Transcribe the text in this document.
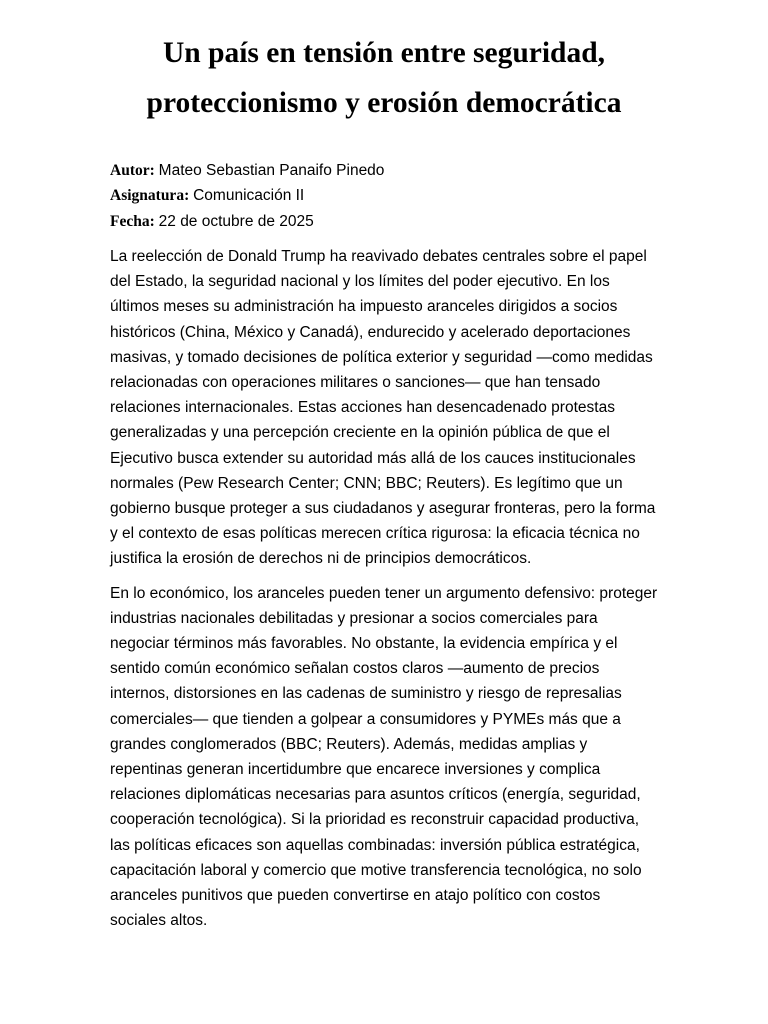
Un país en tensión entre seguridad,
proteccionismo y erosión democrática
Autor: Mateo Sebastian Panaifo Pinedo
Asignatura: Comunicación II
Fecha: 22 de octubre de 2025

La reelección de Donald Trump ha reavivado debates centrales sobre el papel
del Estado, la seguridad nacional y los límites del poder ejecutivo. En los
últimos meses su administración ha impuesto aranceles dirigidos a socios
históricos (China, México y Canadá), endurecido y acelerado deportaciones
masivas, y tomado decisiones de política exterior y seguridad —como medidas
relacionadas con operaciones militares o sanciones— que han tensado
relaciones internacionales. Estas acciones han desencadenado protestas
generalizadas y una percepción creciente en la opinión pública de que el
Ejecutivo busca extender su autoridad más allá de los cauces institucionales
normales (Pew Research Center; CNN; BBC; Reuters). Es legítimo que un
gobierno busque proteger a sus ciudadanos y asegurar fronteras, pero la forma
y el contexto de esas políticas merecen crítica rigurosa: la eficacia técnica no
justifica la erosión de derechos ni de principios democráticos.

En lo económico, los aranceles pueden tener un argumento defensivo: proteger
industrias nacionales debilitadas y presionar a socios comerciales para
negociar términos más favorables. No obstante, la evidencia empírica y el
sentido común económico señalan costos claros —aumento de precios
internos, distorsiones en las cadenas de suministro y riesgo de represalias
comerciales— que tienden a golpear a consumidores y PYMEs más que a
grandes conglomerados (BBC; Reuters). Además, medidas amplias y
repentinas generan incertidumbre que encarece inversiones y complica
relaciones diplomáticas necesarias para asuntos críticos (energía, seguridad,
cooperación tecnológica). Si la prioridad es reconstruir capacidad productiva,
las políticas eficaces son aquellas combinadas: inversión pública estratégica,
capacitación laboral y comercio que motive transferencia tecnológica, no solo
aranceles punitivos que pueden convertirse en atajo político con costos
sociales altos.
